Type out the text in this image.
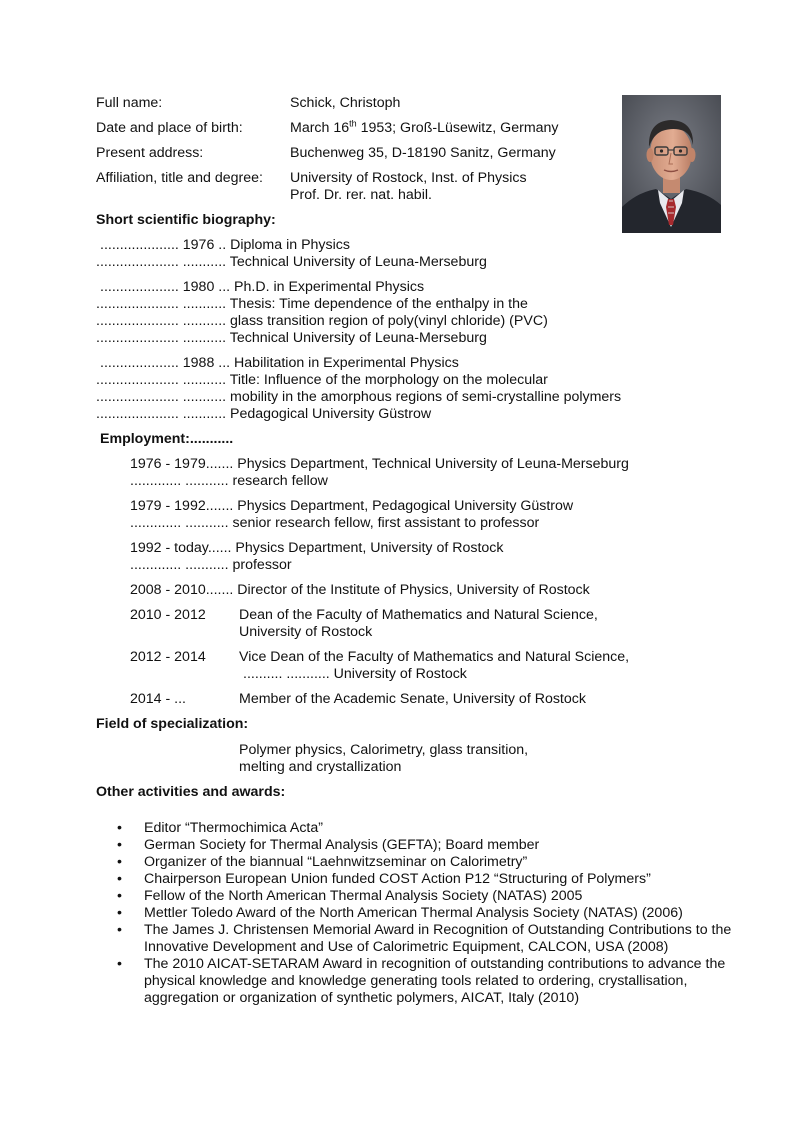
Full name:	Schick, Christoph
Date and place of birth:	March 16th 1953; Groß-Lüsewitz, Germany
Present address:	Buchenweg 35, D-18190 Sanitz, Germany
Affiliation, title and degree: University of Rostock, Inst. of Physics
Prof. Dr. rer. nat. habil.
Short scientific biography:
.................... 1976 .. Diploma in Physics
..................... ........... Technical University of Leuna-Merseburg
.................... 1980 ... Ph.D. in Experimental Physics
..................... ........... Thesis: Time dependence of the enthalpy in the
..................... ........... glass transition region of poly(vinyl chloride) (PVC)
..................... ........... Technical University of Leuna-Merseburg
.................... 1988 ... Habilitation in Experimental Physics
..................... ........... Title: Influence of the morphology on the molecular
..................... ........... mobility in the amorphous regions of semi-crystalline polymers
..................... ........... Pedagogical University Güstrow
Employment:...........
1976 - 1979....... Physics Department, Technical University of Leuna-Merseburg
............. ........... research fellow
1979 - 1992....... Physics Department, Pedagogical University Güstrow
............. ........... senior research fellow, first assistant to professor
1992 - today...... Physics Department, University of Rostock
............. ........... professor
2008 - 2010....... Director of the Institute of Physics, University of Rostock
2010 - 2012 Dean of the Faculty of Mathematics and Natural Science,
University of Rostock
2012 - 2014 Vice Dean of the Faculty of Mathematics and Natural Science,
.......... ........... University of Rostock
2014 - ...	Member of the Academic Senate, University of Rostock
Field of specialization:
Polymer physics, Calorimetry, glass transition,
melting and crystallization
Other activities and awards:
• Editor “Thermochimica Acta”
• German Society for Thermal Analysis (GEFTA); Board member
• Organizer of the biannual “Laehnwitzseminar on Calorimetry”
• Chairperson European Union funded COST Action P12 “Structuring of Polymers”
• Fellow of the North American Thermal Analysis Society (NATAS) 2005
• Mettler Toledo Award of the North American Thermal Analysis Society (NATAS) (2006)
• The James J. Christensen Memorial Award in Recognition of Outstanding Contributions to the Innovative Development and Use of Calorimetric Equipment, CALCON, USA (2008)
• The 2010 AICAT-SETARAM Award in recognition of outstanding contributions to advance the physical knowledge and knowledge generating tools related to ordering, crystallisation, aggregation or organization of synthetic polymers, AICAT, Italy (2010)
